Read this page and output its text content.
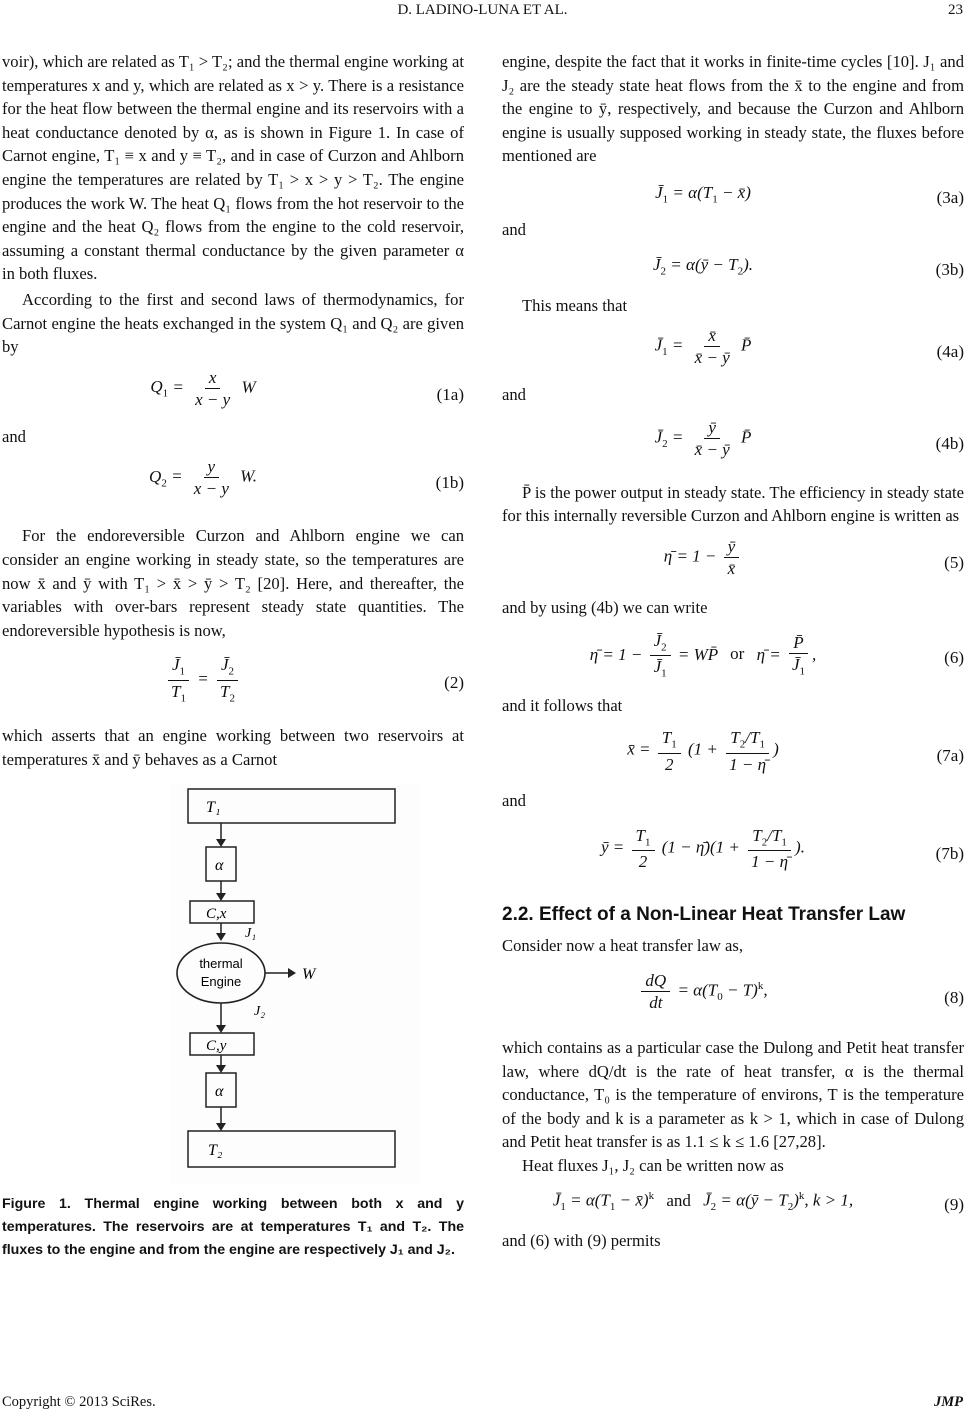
D. LADINO-LUNA ET AL.	23

voir), which are related as T₁ > T₂; and the thermal engine working at temperatures x and y, which are related as x > y. There is a resistance for the heat flow between the thermal engine and its reservoirs with a heat conductance denoted by α, as is shown in Figure 1. In case of Carnot engine, T₁ ≡ x and y ≡ T₂, and in case of Curzon and Ahlborn engine the temperatures are related by T₁ > x > y > T₂. The engine produces the work W. The heat Q₁ flows from the hot reservoir to the engine and the heat Q₂ flows from the engine to the cold reservoir, assuming a constant thermal conductance by the given parameter α in both fluxes.

According to the first and second laws of thermodynamics, for Carnot engine the heats exchanged in the system Q₁ and Q₂ are given by

$Q_1 = \frac{x}{x - y}$ W	(1a)

and

$Q_2 = \frac{y}{x - y} W$.	(1b)

For the endoreversible Curzon and Ahlborn engine we can consider an engine working in steady state, so the temperatures are now x̄ and ȳ with T₁ > x̄ > ȳ > T₂ [20]. Here, and thereafter, the variables with over-bars represent steady state quantities. The endoreversible hypothesis is now,

$\frac{J̄_1}{T_1} = \frac{J̄_2}{T_2}$	(2)

which asserts that an engine working between two reservoirs at temperatures x̄ and ȳ behaves as a Carnot

T₁
α
C,x
J₁
thermal
Engine	W
J₂
C,y
α
T₂

Figure 1. Thermal engine working between both x and y temperatures. The reservoirs are at temperatures T₁ and T₂. The fluxes to the engine and from the engine are respectively J₁ and J₂.

engine, despite the fact that it works in finite-time cycles [10]. J₁ and J₂ are the steady state heat flows from the x̄ to the engine and from the engine to ȳ, respectively, and because the Curzon and Ahlborn engine is usually supposed working in steady state, the fluxes before mentioned are

$J̄_1 = \alpha(T_1$ − x̄)	(3a)

and

$J̄_2$ = α(ȳ − $T_2$).	(3b)

This means that

$J̄_1 = \frac{x̄}{x̄ - ȳ}$ P̄	(4a)

and

$J̄_2 = \frac{ȳ}{x̄ - ȳ}$ P̄	(4b)

P̄ is the power output in steady state. The efficiency in steady state for this internally reversible Curzon and Ahlborn engine is written as

η̄ = $1 - \frac{ȳ}{x̄}$	(5)

and by using (4b) we can write

η̄ = $1 - \frac{J̄_2}{J̄_1}$ = WP̄ or η̄ = $\frac{P̄}{J̄_1}$ ,	(6)

and it follows that

x̄ = $\frac{T_1}{2} (1 + \frac{T_2/T_1}{1 - \etā}$ )	(7a)

and

ȳ = $\frac{T_1}{2} (1$ − η̄)(1 + $\frac{T_2/T_1}{1 - \etā}$ ).	(7b)
2.2. Effect of a Non-Linear Heat Transfer Law

Consider now a heat transfer law as,

$\frac{dQ}{dt} = \alpha(T_0 - T)^k$,	(8)

which contains as a particular case the Dulong and Petit heat transfer law, where dQ/dt is the rate of heat transfer, α is the thermal conductance, T₀ is the temperature of environs, T is the temperature of the body and k is a parameter as k > 1, which in case of Dulong and Petit heat transfer is as 1.1 ≤ k ≤ 1.6 [27,28].

Heat fluxes J₁, J₂ can be written now as

$J̄_1 = \alpha(T_1$ − x̄)$^k$ and $J̄_2$ = α(ȳ − $T_2)^k$, k > 1,	(9)

and (6) with (9) permits

Copyright © 2013 SciRes.	JMP
